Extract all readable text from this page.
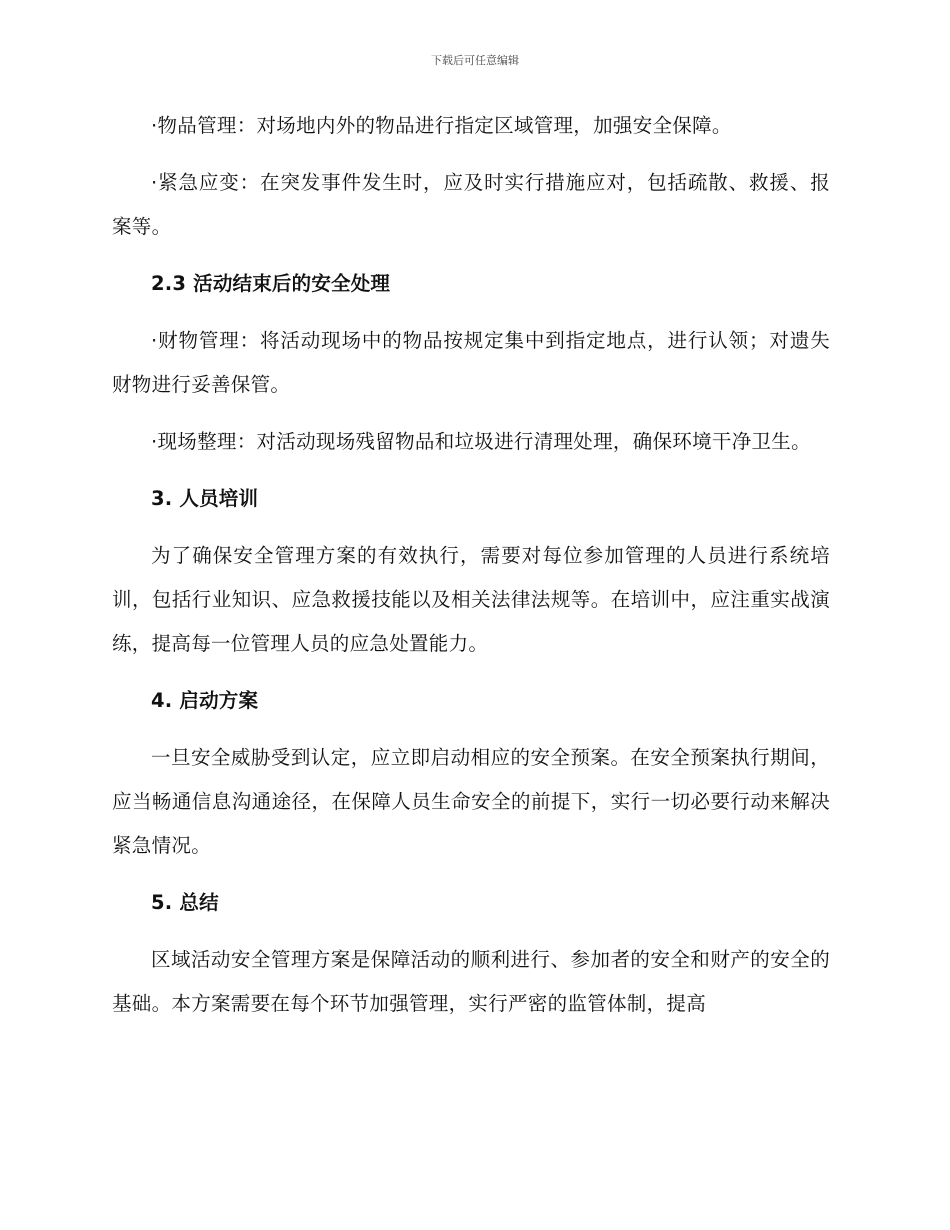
下载后可任意编辑

·物品管理：对场地内外的物品进行指定区域管理，加强安全保障。

·紧急应变：在突发事件发生时，应及时实行措施应对，包括疏散、救援、报案等。

2.3 活动结束后的安全处理

·财物管理：将活动现场中的物品按规定集中到指定地点，进行认领；对遗失财物进行妥善保管。

·现场整理：对活动现场残留物品和垃圾进行清理处理，确保环境干净卫生。

3. 人员培训

为了确保安全管理方案的有效执行，需要对每位参加管理的人员进行系统培训，包括行业知识、应急救援技能以及相关法律法规等。在培训中，应注重实战演练，提高每一位管理人员的应急处置能力。

4. 启动方案

一旦安全威胁受到认定，应立即启动相应的安全预案。在安全预案执行期间，应当畅通信息沟通途径，在保障人员生命安全的前提下，实行一切必要行动来解决紧急情况。

5. 总结

区域活动安全管理方案是保障活动的顺利进行、参加者的安全和财产的安全的基础。本方案需要在每个环节加强管理，实行严密的监管体制，提高
